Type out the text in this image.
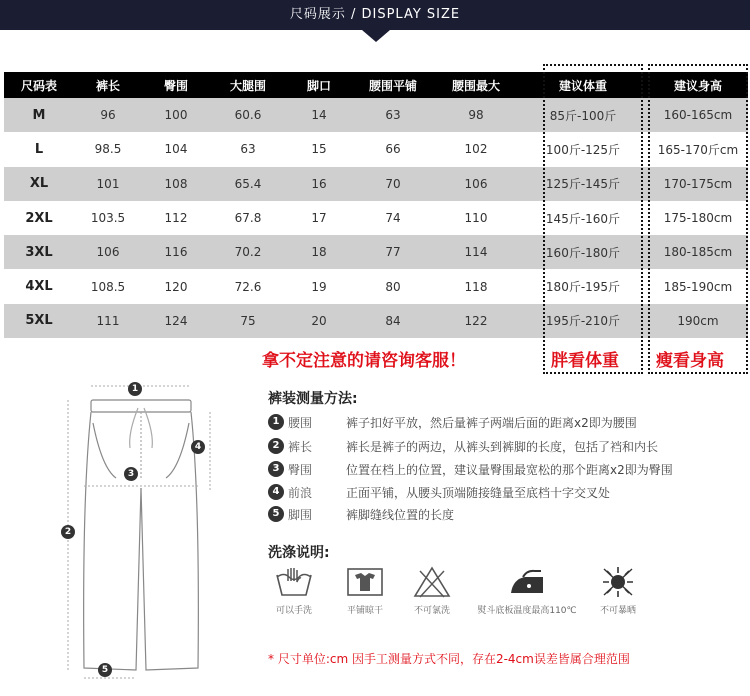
尺码展示 / DISPLAY SIZE
尺码表	裤长	臀围	大腿围	脚口	腰围平铺	腰围最大	建议体重	建议身高
M	96	100	60.6	14	63	98	85斤-100斤	160-165cm
L	98.5	104	63	15	66	102	100斤-125斤	165-170斤cm
XL	101	108	65.4	16	70	106	125斤-145斤	170-175cm
2XL	103.5	112	67.8	17	74	110	145斤-160斤	175-180cm
3XL	106	116	70.2	18	77	114	160斤-180斤	180-185cm
4XL	108.5	120	72.6	19	80	118	180斤-195斤	185-190cm
5XL	111	124	75	20	84	122	195斤-210斤	190cm
拿不定注意的请咨询客服！	胖看体重 瘦看身高
1
2
3
4
5
裤装测量方法:
1 腰围	裤子扣好平放，然后量裤子两端后面的距离x2即为腰围
2 裤长	裤长是裤子的两边，从裤头到裤脚的长度，包括了裆和内长
3 臀围	位置在档上的位置，建议量臀围最宽松的那个距离x2即为臀围
4 前浪	正面平铺，从腰头顶端随接缝量至底档十字交叉处
5 脚围	裤脚缝线位置的长度
洗涤说明:
可以手洗	平铺晾干	不可氯洗	熨斗底板温度最高110℃	不可暴晒
* 尺寸单位:cm 因手工测量方式不同，存在2-4cm误差皆属合理范围
